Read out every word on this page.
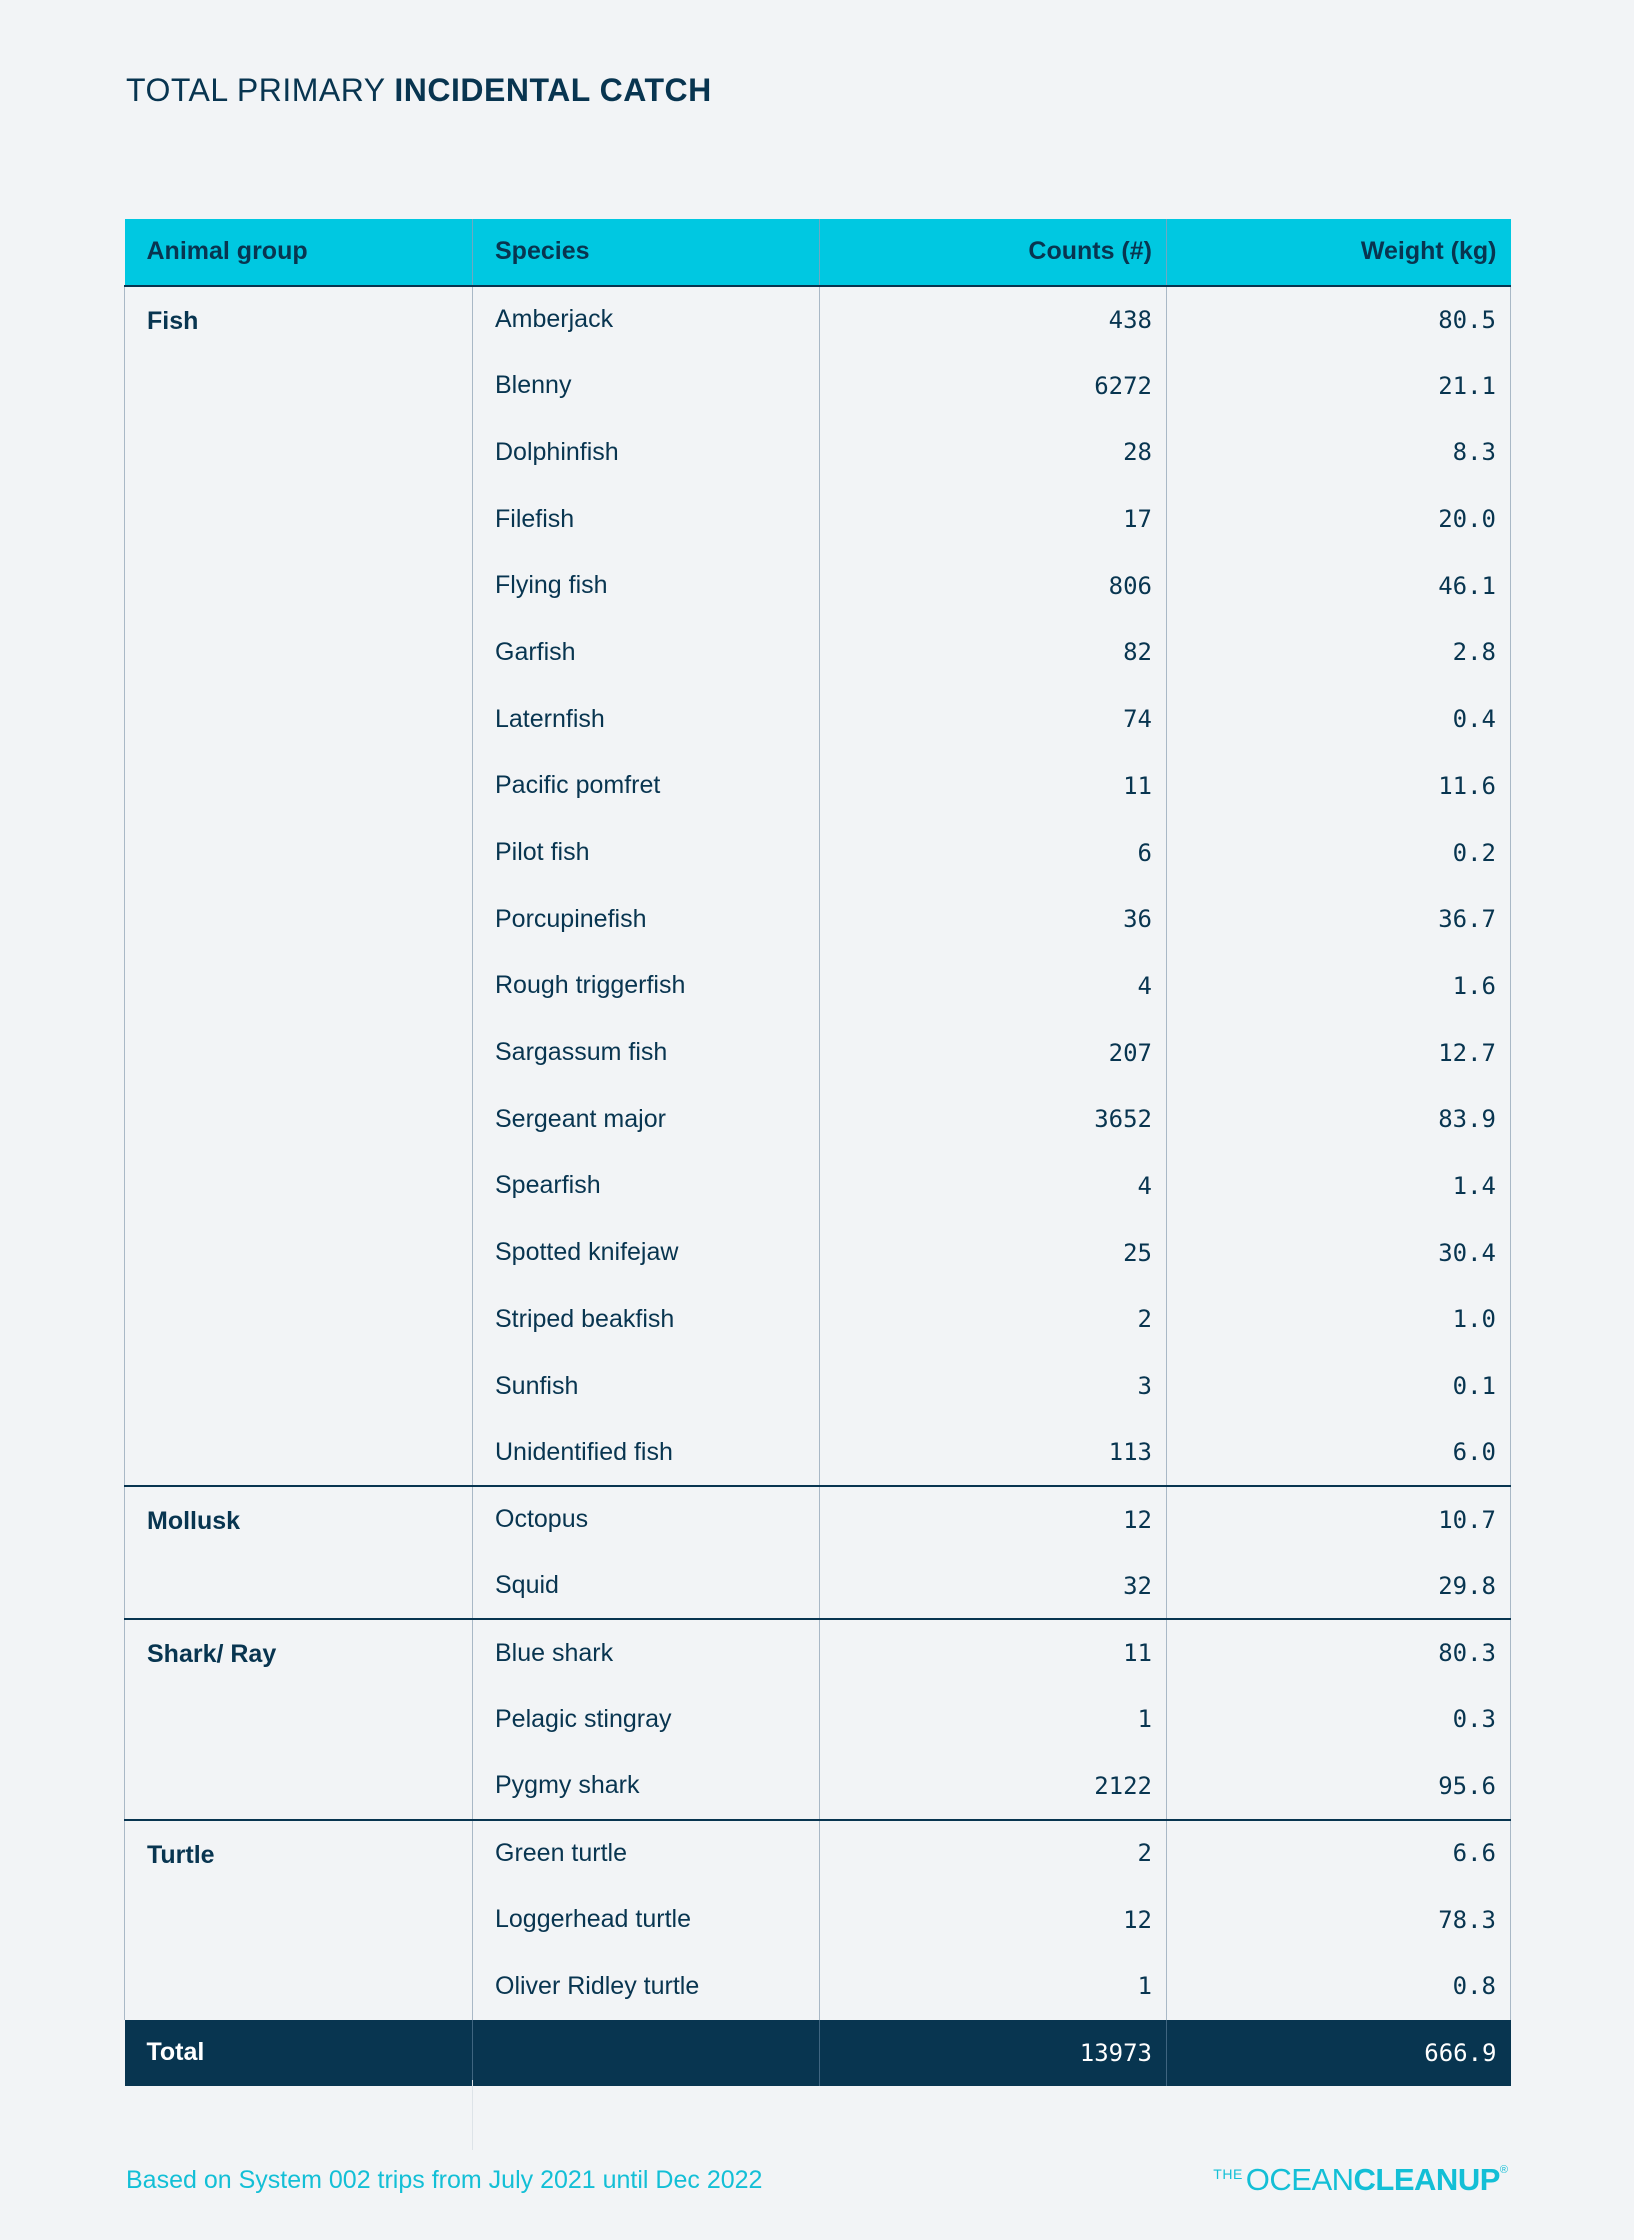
TOTAL PRIMARY INCIDENTAL CATCH
Animal group	Species	Counts (#)	Weight (kg)
Fish	Amberjack	438	80.5
	Blenny	6272	21.1
	Dolphinfish	28	8.3
	Filefish	17	20.0
	Flying fish	806	46.1
	Garfish	82	2.8
	Laternfish	74	0.4
	Pacific pomfret	11	11.6
	Pilot fish	6	0.2
	Porcupinefish	36	36.7
	Rough triggerfish	4	1.6
	Sargassum fish	207	12.7
	Sergeant major	3652	83.9
	Spearfish	4	1.4
	Spotted knifejaw	25	30.4
	Striped beakfish	2	1.0
	Sunfish	3	0.1
	Unidentified fish	113	6.0
Mollusk	Octopus	12	10.7
	Squid	32	29.8
Shark/ Ray	Blue shark	11	80.3
	Pelagic stingray	1	0.3
	Pygmy shark	2122	95.6
Turtle	Green turtle	2	6.6
	Loggerhead turtle	12	78.3
	Oliver Ridley turtle	1	0.8
Total		13973	666.9
Based on System 002 trips from July 2021 until Dec 2022	THE OCEAN CLEANUP ®
